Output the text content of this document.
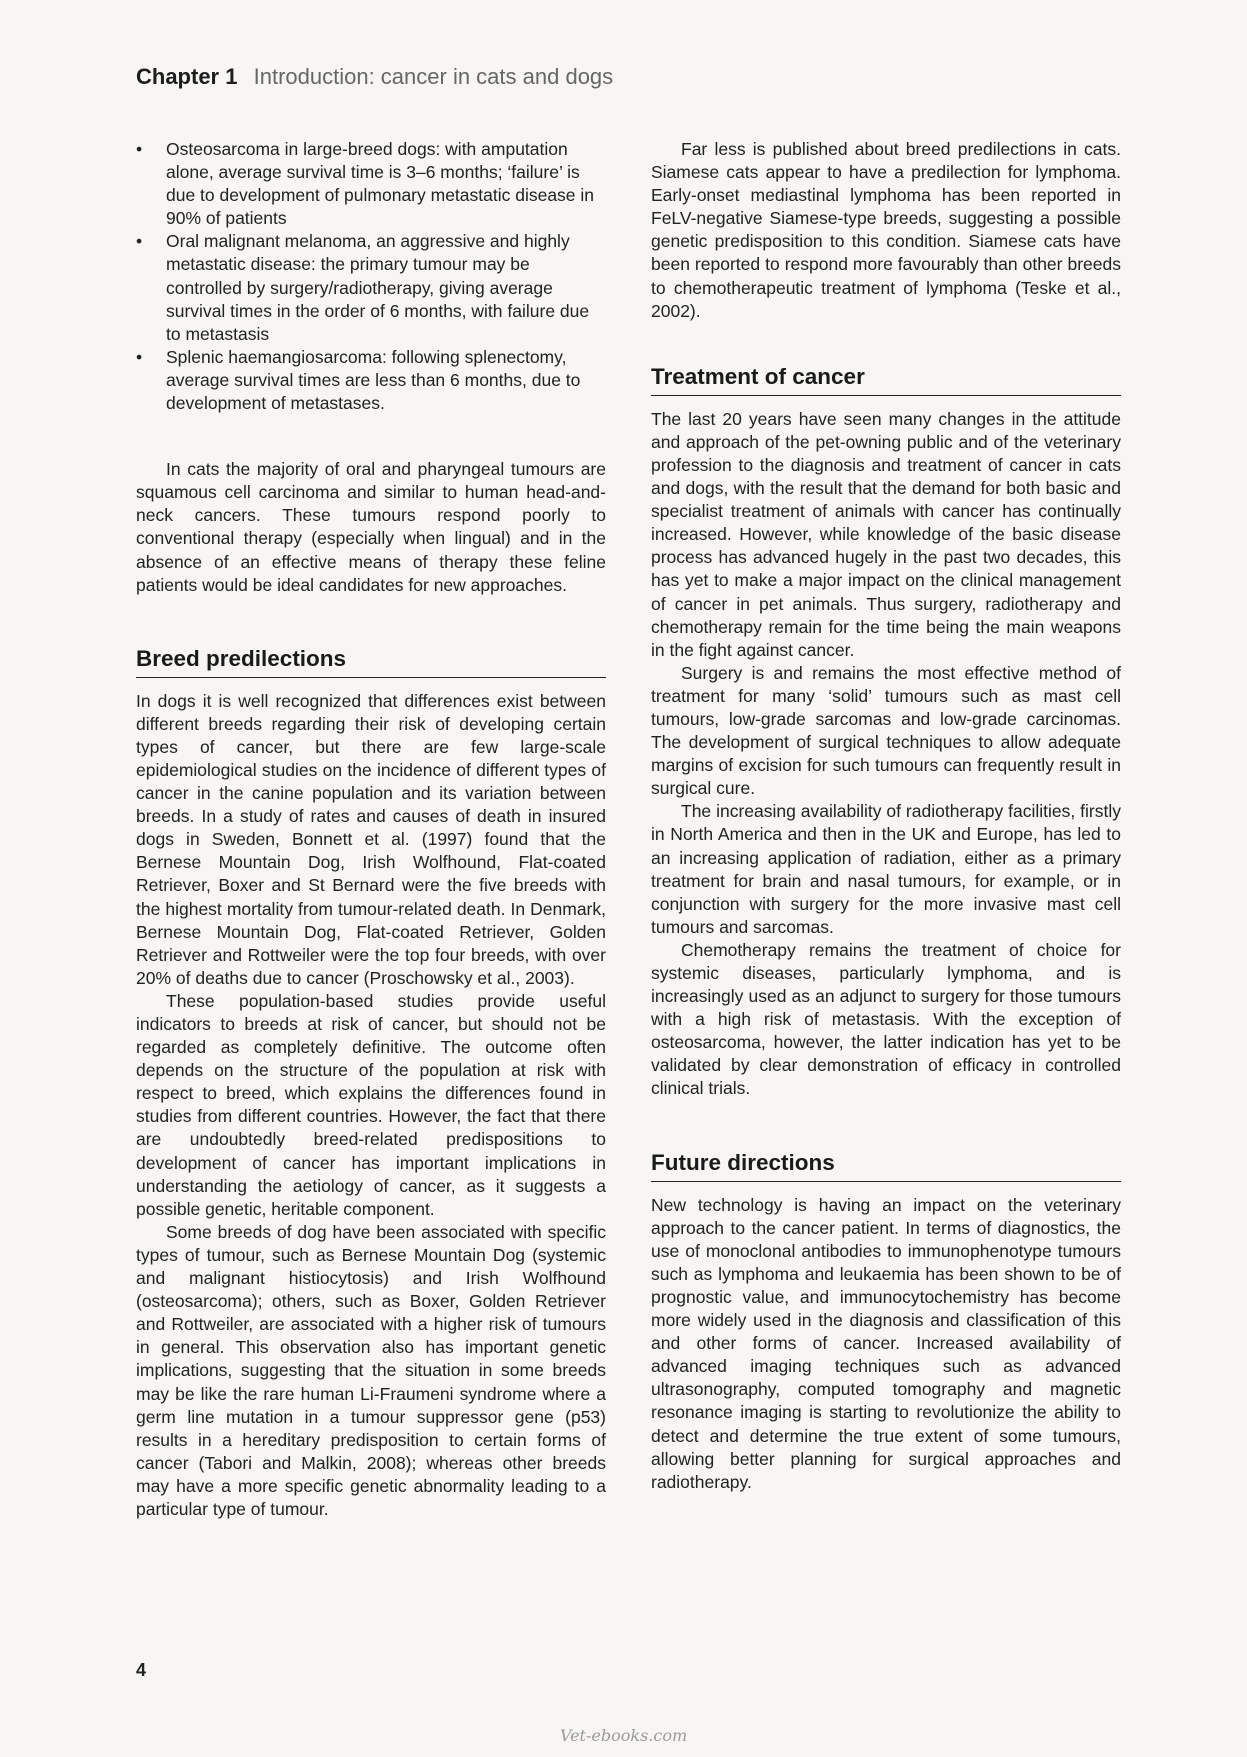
Chapter 1 Introduction: cancer in cats and dogs
• Osteosarcoma in large-breed dogs: with amputation alone, average survival time is 3–6 months; ‘failure’ is due to development of pulmonary metastatic disease in 90% of patients
• Oral malignant melanoma, an aggressive and highly metastatic disease: the primary tumour may be controlled by surgery/radiotherapy, giving average survival times in the order of 6 months, with failure due to metastasis
• Splenic haemangiosarcoma: following splenectomy, average survival times are less than 6 months, due to development of metastases.

In cats the majority of oral and pharyngeal tumours are squamous cell carcinoma and similar to human head-and-neck cancers. These tumours respond poorly to conventional therapy (especially when lingual) and in the absence of an effective means of therapy these feline patients would be ideal candidates for new approaches.

Breed predilections

In dogs it is well recognized that differences exist between different breeds regarding their risk of developing certain types of cancer, but there are few large-scale epidemiological studies on the incidence of different types of cancer in the canine population and its variation between breeds. In a study of rates and causes of death in insured dogs in Sweden, Bonnett et al. (1997) found that the Bernese Mountain Dog, Irish Wolfhound, Flat-coated Retriever, Boxer and St Bernard were the five breeds with the highest mortality from tumour-related death. In Denmark, Bernese Mountain Dog, Flat-coated Retriever, Golden Retriever and Rottweiler were the top four breeds, with over 20% of deaths due to cancer (Proschowsky et al., 2003).

These population-based studies provide useful indicators to breeds at risk of cancer, but should not be regarded as completely definitive. The outcome often depends on the structure of the population at risk with respect to breed, which explains the differences found in studies from different countries. However, the fact that there are undoubtedly breed-related predispositions to development of cancer has important implications in understanding the aetiology of cancer, as it suggests a possible genetic, heritable component.

Some breeds of dog have been associated with specific types of tumour, such as Bernese Mountain Dog (systemic and malignant histiocytosis) and Irish Wolfhound (osteosarcoma); others, such as Boxer, Golden Retriever and Rottweiler, are associated with a higher risk of tumours in general. This observation also has important genetic implications, suggesting that the situation in some breeds may be like the rare human Li-Fraumeni syndrome where a germ line mutation in a tumour suppressor gene (p53) results in a hereditary predisposition to certain forms of cancer (Tabori and Malkin, 2008); whereas other breeds may have a more specific genetic abnormality leading to a particular type of tumour.

Far less is published about breed predilections in cats. Siamese cats appear to have a predilection for lymphoma. Early-onset mediastinal lymphoma has been reported in FeLV-negative Siamese-type breeds, suggesting a possible genetic predisposition to this condition. Siamese cats have been reported to respond more favourably than other breeds to chemotherapeutic treatment of lymphoma (Teske et al., 2002).

Treatment of cancer

The last 20 years have seen many changes in the attitude and approach of the pet-owning public and of the veterinary profession to the diagnosis and treatment of cancer in cats and dogs, with the result that the demand for both basic and specialist treatment of animals with cancer has continually increased. However, while knowledge of the basic disease process has advanced hugely in the past two decades, this has yet to make a major impact on the clinical management of cancer in pet animals. Thus surgery, radiotherapy and chemotherapy remain for the time being the main weapons in the fight against cancer.

Surgery is and remains the most effective method of treatment for many ‘solid’ tumours such as mast cell tumours, low-grade sarcomas and low-grade carcinomas. The development of surgical techniques to allow adequate margins of excision for such tumours can frequently result in surgical cure.

The increasing availability of radiotherapy facilities, firstly in North America and then in the UK and Europe, has led to an increasing application of radiation, either as a primary treatment for brain and nasal tumours, for example, or in conjunction with surgery for the more invasive mast cell tumours and sarcomas.

Chemotherapy remains the treatment of choice for systemic diseases, particularly lymphoma, and is increasingly used as an adjunct to surgery for those tumours with a high risk of metastasis. With the exception of osteosarcoma, however, the latter indication has yet to be validated by clear demonstration of efficacy in controlled clinical trials.

Future directions

New technology is having an impact on the veterinary approach to the cancer patient. In terms of diagnostics, the use of monoclonal antibodies to immunophenotype tumours such as lymphoma and leukaemia has been shown to be of prognostic value, and immunocytochemistry has become more widely used in the diagnosis and classification of this and other forms of cancer. Increased availability of advanced imaging techniques such as advanced ultrasonography, computed tomography and magnetic resonance imaging is starting to revolutionize the ability to detect and determine the true extent of some tumours, allowing better planning for surgical approaches and radiotherapy.

4
Vet-ebooks.com
